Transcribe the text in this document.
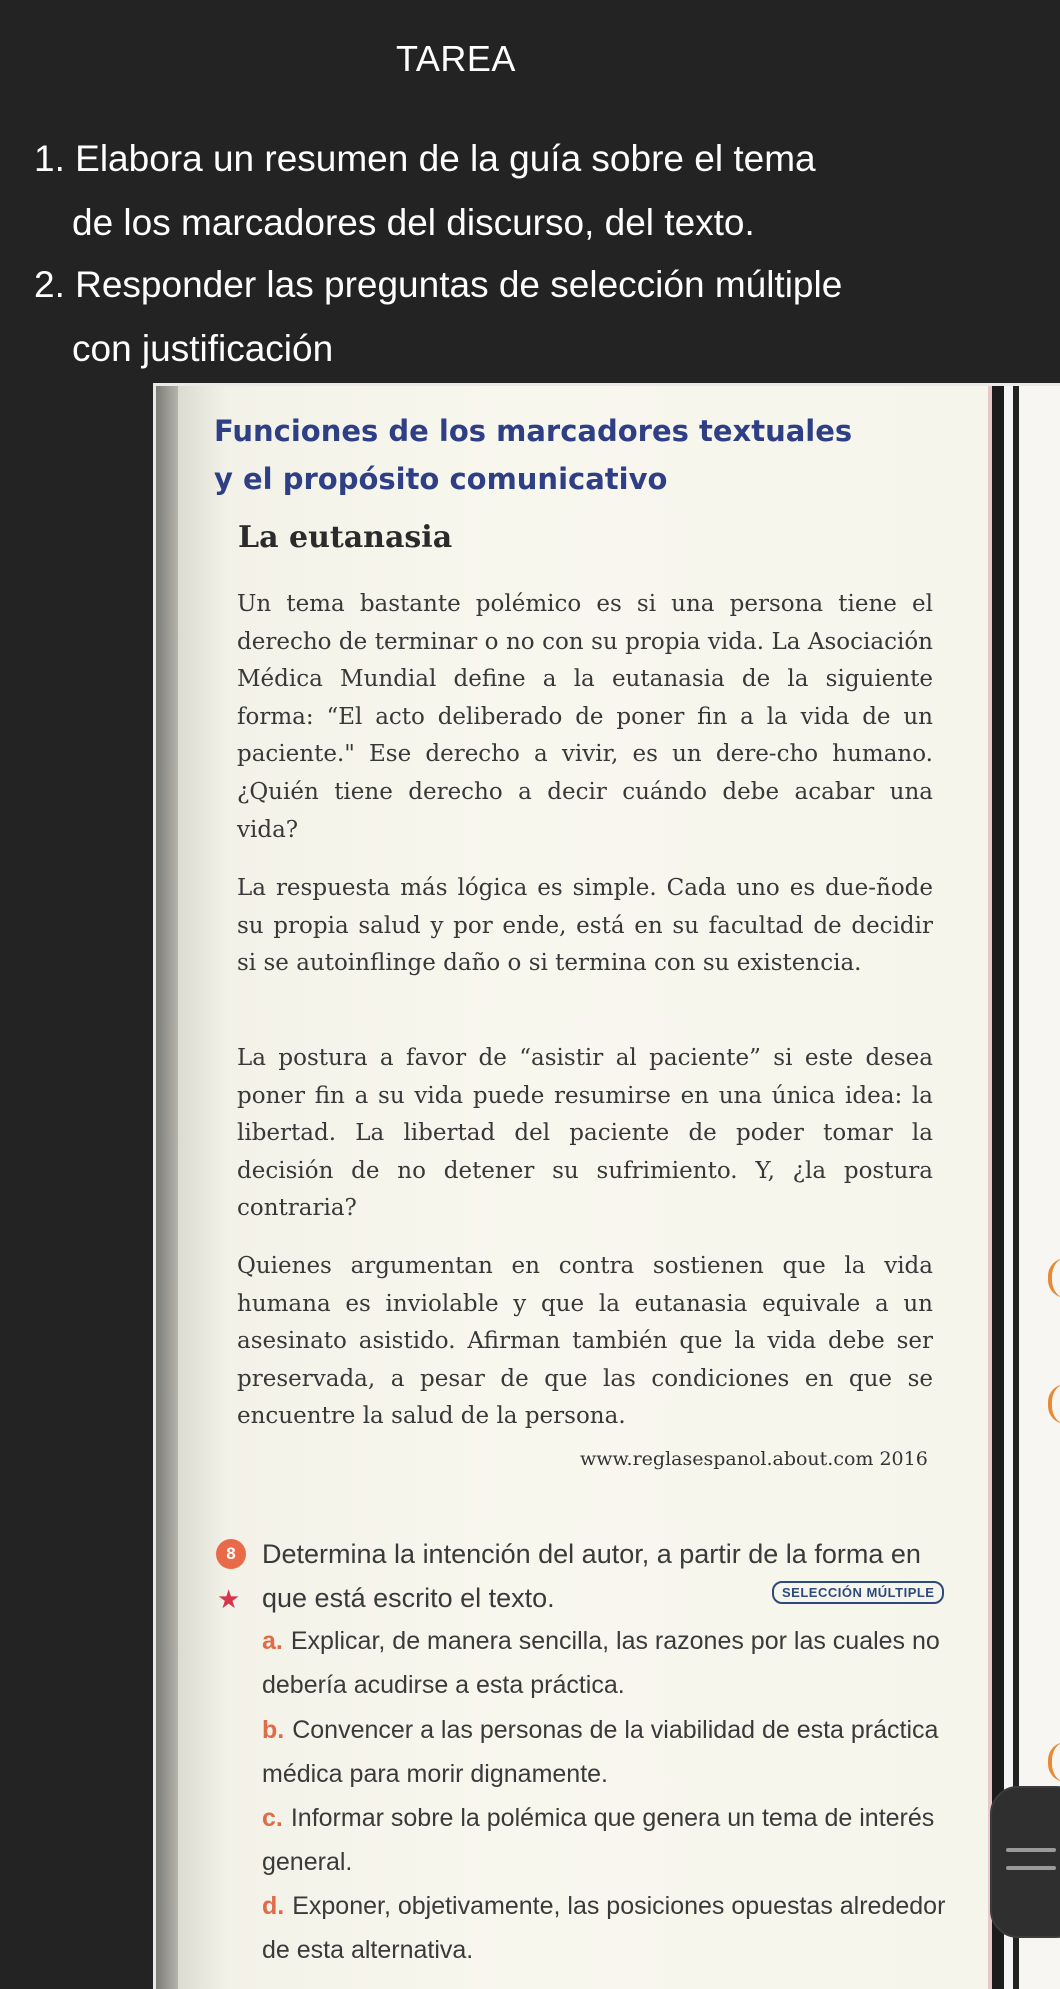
TAREA
1. Elabora un resumen de la guía sobre el tema
de los marcadores del discurso, del texto.
2. Responder las preguntas de selección múltiple
con justificación
Funciones de los marcadores textuales
y el propósito comunicativo
La eutanasia
Un tema bastante polémico es si una persona tiene el derecho de terminar o no con su propia vida. La Asociación Médica Mundial define a la eutanasia de la siguiente forma: “El acto deliberado de poner fin a la vida de un paciente." Ese derecho a vivir, es un dere-cho humano. ¿Quién tiene derecho a decir cuándo debe acabar una vida?
La respuesta más lógica es simple. Cada uno es due-ñode su propia salud y por ende, está en su facultad de decidir si se autoinflinge daño o si termina con su existencia.
La postura a favor de “asistir al paciente” si este desea poner fin a su vida puede resumirse en una única idea: la libertad. La libertad del paciente de poder tomar la decisión de no detener su sufrimiento. Y, ¿la postura contraria?
Quienes argumentan en contra sostienen que la vida humana es inviolable y que la eutanasia equivale a un asesinato asistido. Afirman también que la vida debe ser preservada, a pesar de que las condiciones en que se encuentre la salud de la persona.
www.reglasespanol.about.com 2016
8
★
Determina la intención del autor, a partir de la forma en que está escrito el texto.	SELECCIÓN MÚLTIPLE
a. Explicar, de manera sencilla, las razones por las cuales no debería acudirse a esta práctica.
b. Convencer a las personas de la viabilidad de esta práctica médica para morir dignamente.
c. Informar sobre la polémica que genera un tema de interés general.
d. Exponer, objetivamente, las posiciones opuestas alrededor de esta alternativa.
